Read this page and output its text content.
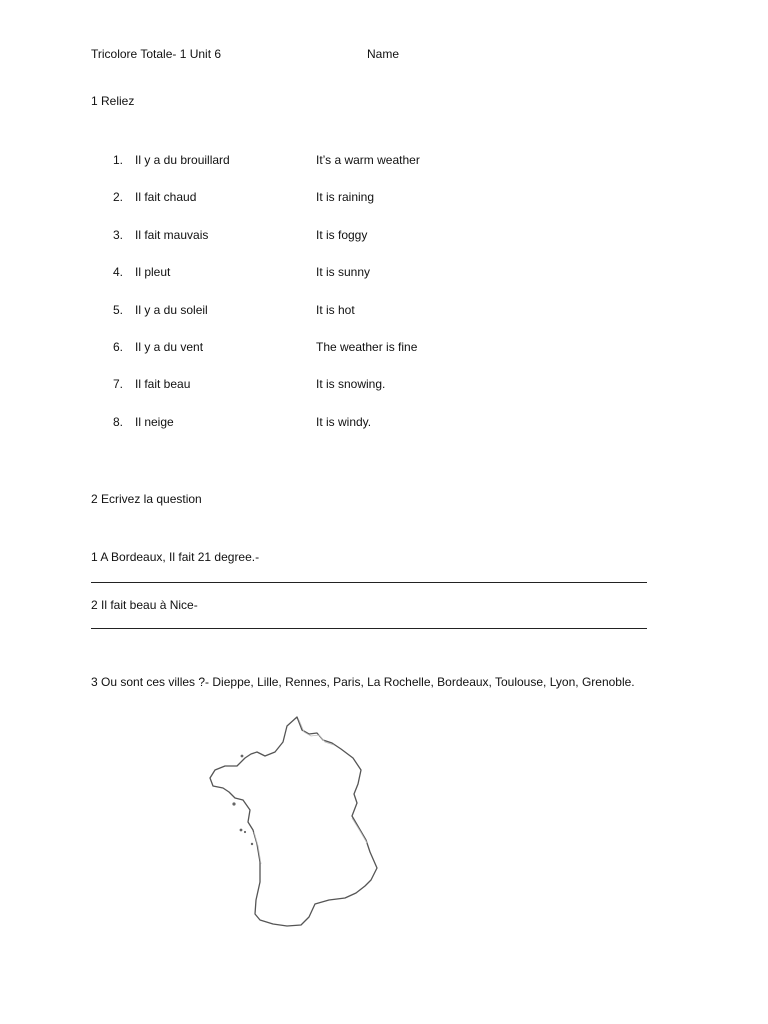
Tricolore Totale- 1 Unit 6	Name
1 Reliez
1. Il y a du brouillard	It’s a warm weather
2. Il fait chaud	It is raining
3. Il fait mauvais	It is foggy
4. Il pleut	It is sunny
5. Il y a du soleil	It is hot
6. Il y a du vent	The weather is fine
7. Il fait beau	It is snowing.
8. Il neige	It is windy.
2 Ecrivez la question
1 A Bordeaux, Il fait 21 degree.-
2 Il fait beau à Nice-
3 Ou sont ces villes ?- Dieppe, Lille, Rennes, Paris, La Rochelle, Bordeaux, Toulouse, Lyon, Grenoble.
